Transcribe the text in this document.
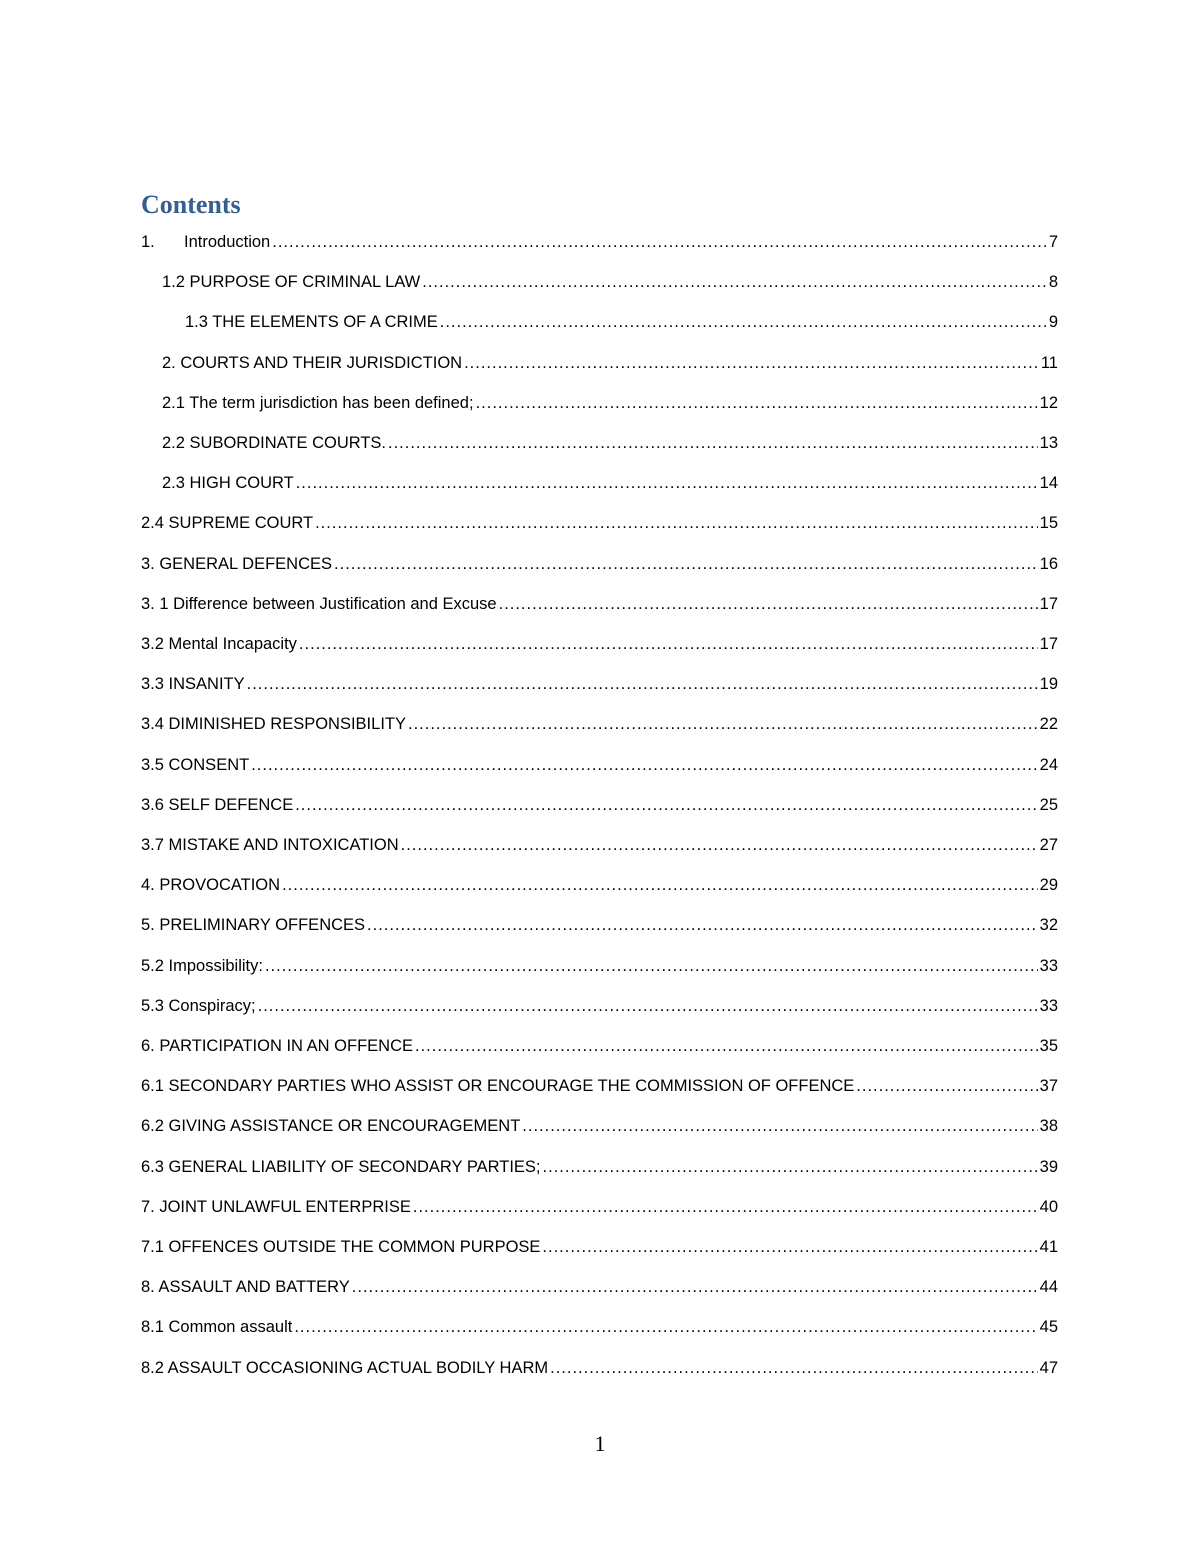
Contents
1.	Introduction .....	7
1.2 PURPOSE OF CRIMINAL LAW .....	8
1.3 THE ELEMENTS OF A CRIME .....	9
2. COURTS AND THEIR JURISDICTION .....	11
2.1 The term jurisdiction has been defined; .....	12
2.2 SUBORDINATE COURTS. .....	13
2.3 HIGH COURT .....	14
2.4 SUPREME COURT .....	15
3. GENERAL DEFENCES .....	16
3. 1 Difference between Justification and Excuse .....	17
3.2 Mental Incapacity .....	17
3.3 INSANITY .....	19
3.4 DIMINISHED RESPONSIBILITY .....	22
3.5 CONSENT .....	24
3.6 SELF DEFENCE .....	25
3.7 MISTAKE AND INTOXICATION .....	27
4. PROVOCATION .....	29
5. PRELIMINARY OFFENCES .....	32
5.2 Impossibility: .....	33
5.3 Conspiracy; .....	33
6. PARTICIPATION IN AN OFFENCE .....	35
6.1 SECONDARY PARTIES WHO ASSIST OR ENCOURAGE THE COMMISSION OF OFFENCE .....	37
6.2 GIVING ASSISTANCE OR ENCOURAGEMENT .....	38
6.3 GENERAL LIABILITY OF SECONDARY PARTIES; .....	39
7. JOINT UNLAWFUL ENTERPRISE .....	40
7.1 OFFENCES OUTSIDE THE COMMON PURPOSE .....	41
8. ASSAULT AND BATTERY .....	44
8.1 Common assault .....	45
8.2 ASSAULT OCCASIONING ACTUAL BODILY HARM .....	47
1
